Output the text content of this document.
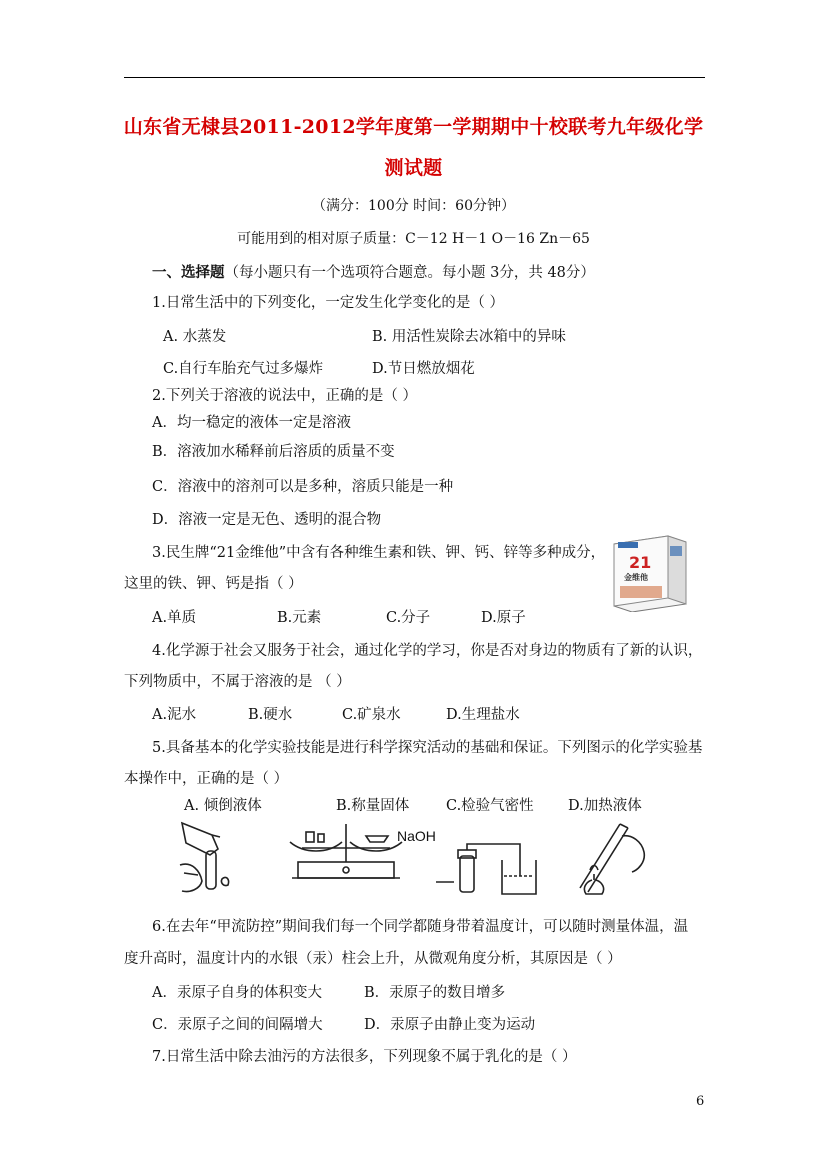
山东省无棣县2011-2012学年度第一学期期中十校联考九年级化学
测试题
（满分：100分 时间：60分钟）
可能用到的相对原子质量：C－12 H－1 O－16 Zn－65
一、选择题（每小题只有一个选项符合题意。每小题 3分，共 48分）
1.日常生活中的下列变化，一定发生化学变化的是（ ）
A. 水蒸发	B. 用活性炭除去冰箱中的异味
C.自行车胎充气过多爆炸	D.节日燃放烟花
2.下列关于溶液的说法中，正确的是（ ）
A．均一稳定的液体一定是溶液
B．溶液加水稀释前后溶质的质量不变
C．溶液中的溶剂可以是多种，溶质只能是一种
D．溶液一定是无色、透明的混合物
3.民生牌“21金维他”中含有各种维生素和铁、钾、钙、锌等多种成分，
这里的铁、钾、钙是指（ ）
A.单质	B.元素	C.分子	D.原子
21
金维他
4.化学源于社会又服务于社会，通过化学的学习，你是否对身边的物质有了新的认识，
下列物质中，不属于溶液的是 （ ）
A.泥水	B.硬水	C.矿泉水	D.生理盐水
5.具备基本的化学实验技能是进行科学探究活动的基础和保证。下列图示的化学实验基
本操作中，正确的是（ ）
A. 倾倒液体	B.称量固体	C.检验气密性 D.加热液体
NaOH
6.在去年“甲流防控”期间我们每一个同学都随身带着温度计，可以随时测量体温，温
度升高时，温度计内的水银（汞）柱会上升，从微观角度分析，其原因是（ ）
A．汞原子自身的体积变大	B．汞原子的数目增多
C．汞原子之间的间隔增大	D．汞原子由静止变为运动
7.日常生活中除去油污的方法很多，下列现象不属于乳化的是（ ）
6
